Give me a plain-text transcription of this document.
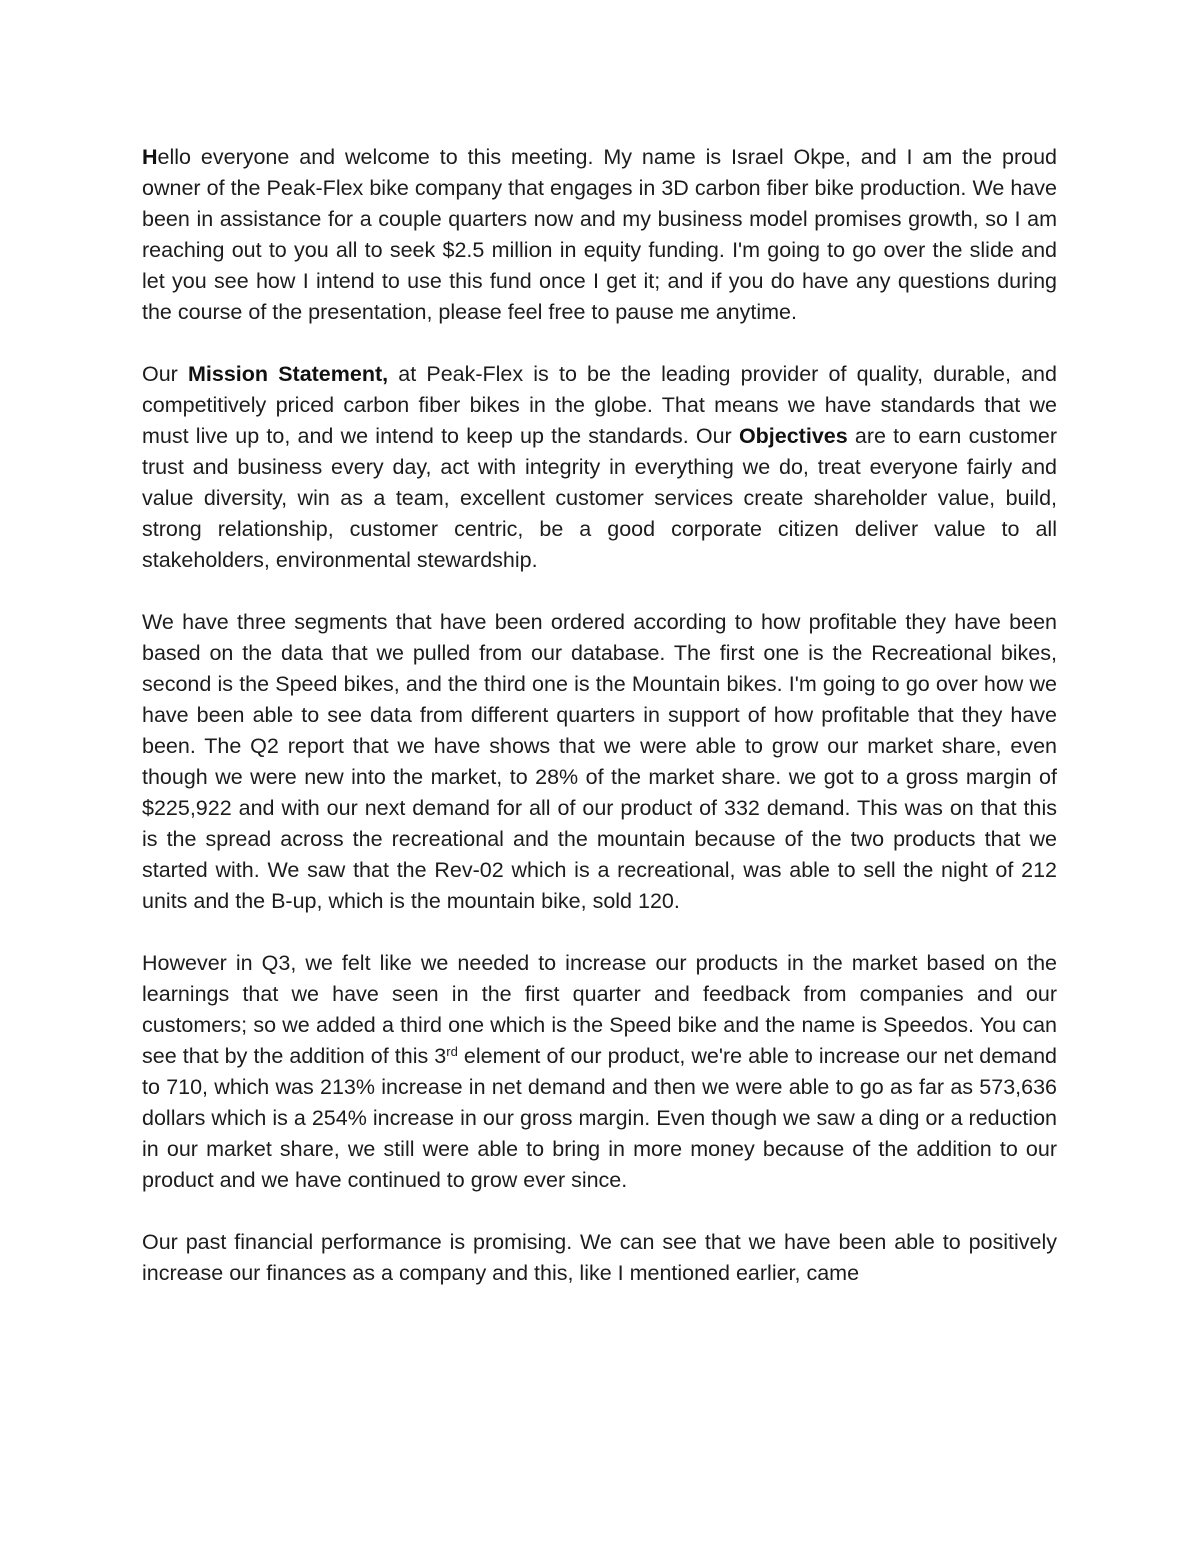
Hello everyone and welcome to this meeting. My name is Israel Okpe, and I am the proud owner of the Peak-Flex bike company that engages in 3D carbon fiber bike production. We have been in assistance for a couple quarters now and my business model promises growth, so I am reaching out to you all to seek $2.5 million in equity funding. I'm going to go over the slide and let you see how I intend to use this fund once I get it; and if you do have any questions during the course of the presentation, please feel free to pause me anytime.

Our Mission Statement, at Peak-Flex is to be the leading provider of quality, durable, and competitively priced carbon fiber bikes in the globe. That means we have standards that we must live up to, and we intend to keep up the standards. Our Objectives are to earn customer trust and business every day, act with integrity in everything we do, treat everyone fairly and value diversity, win as a team, excellent customer services create shareholder value, build, strong relationship, customer centric, be a good corporate citizen deliver value to all stakeholders, environmental stewardship.

We have three segments that have been ordered according to how profitable they have been based on the data that we pulled from our database. The first one is the Recreational bikes, second is the Speed bikes, and the third one is the Mountain bikes. I'm going to go over how we have been able to see data from different quarters in support of how profitable that they have been. The Q2 report that we have shows that we were able to grow our market share, even though we were new into the market, to 28% of the market share. we got to a gross margin of $225,922 and with our next demand for all of our product of 332 demand. This was on that this is the spread across the recreational and the mountain because of the two products that we started with. We saw that the Rev-02 which is a recreational, was able to sell the night of 212 units and the B-up, which is the mountain bike, sold 120.

However in Q3, we felt like we needed to increase our products in the market based on the learnings that we have seen in the first quarter and feedback from companies and our customers; so we added a third one which is the Speed bike and the name is Speedos. You can see that by the addition of this 3rd element of our product, we're able to increase our net demand to 710, which was 213% increase in net demand and then we were able to go as far as 573,636 dollars which is a 254% increase in our gross margin. Even though we saw a ding or a reduction in our market share, we still were able to bring in more money because of the addition to our product and we have continued to grow ever since.

Our past financial performance is promising. We can see that we have been able to positively increase our finances as a company and this, like I mentioned earlier, came
